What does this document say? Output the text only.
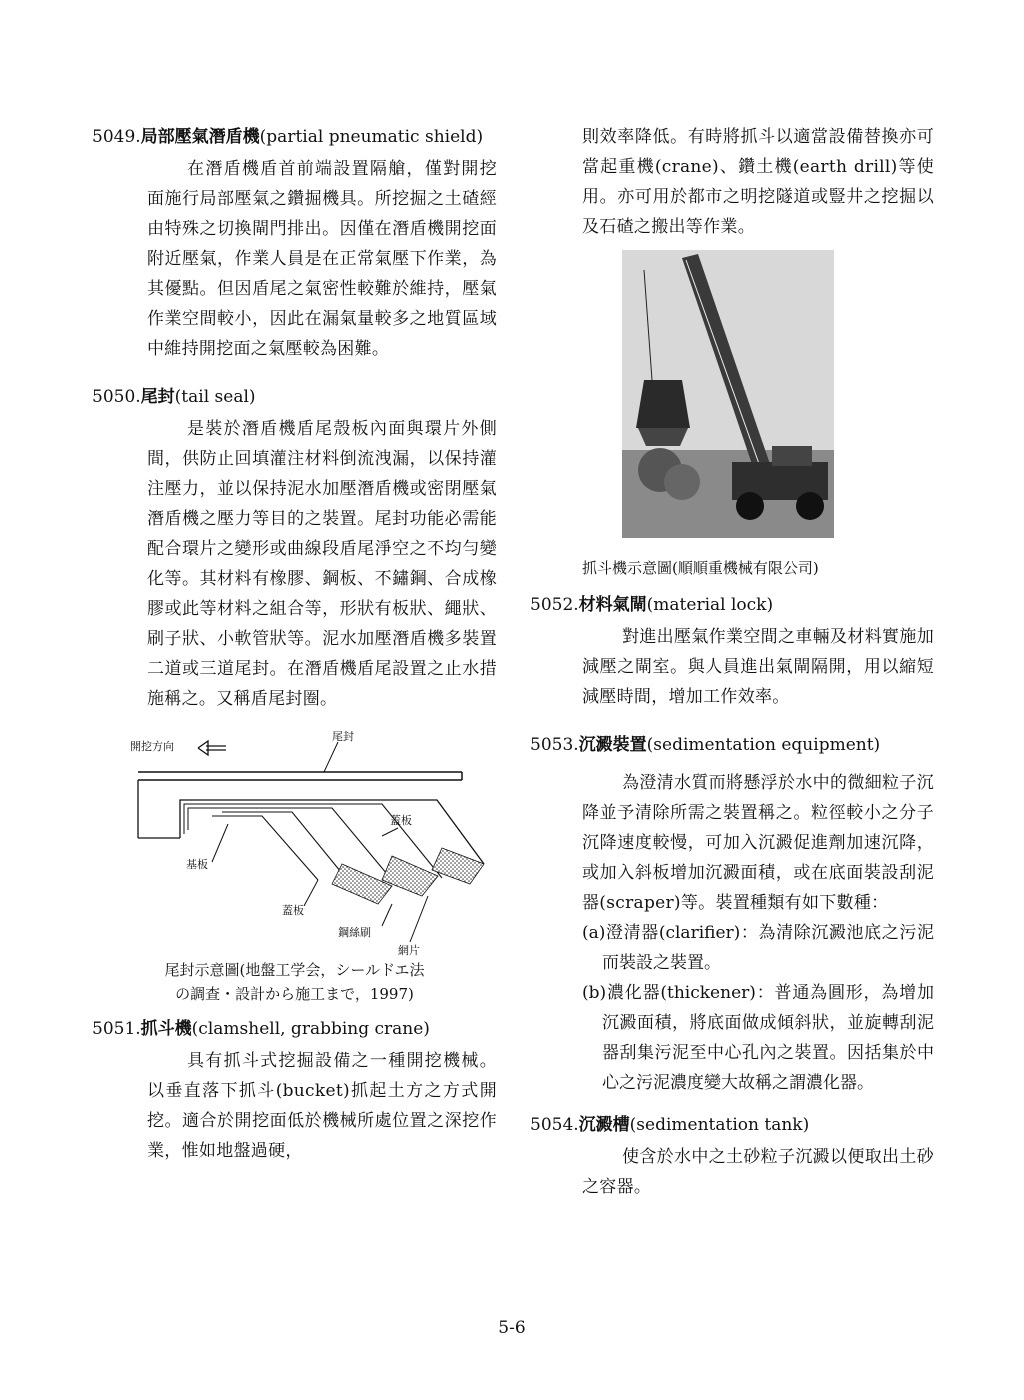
5049.局部壓氣潛盾機(partial pneumatic shield)

在潛盾機盾首前端設置隔艙，僅對開挖面施行局部壓氣之鑽掘機具。所挖掘之土碴經由特殊之切換閘門排出。因僅在潛盾機開挖面附近壓氣，作業人員是在正常氣壓下作業，為其優點。但因盾尾之氣密性較難於維持，壓氣作業空間較小，因此在漏氣量較多之地質區域中維持開挖面之氣壓較為困難。

5050.尾封(tail seal)

是裝於潛盾機盾尾殼板內面與環片外側間，供防止回填灌注材料倒流洩漏，以保持灌注壓力，並以保持泥水加壓潛盾機或密閉壓氣潛盾機之壓力等目的之裝置。尾封功能必需能配合環片之變形或曲線段盾尾淨空之不均勻變化等。其材料有橡膠、鋼板、不鏽鋼、合成橡膠或此等材料之組合等，形狀有板狀、繩狀、刷子狀、小軟管狀等。泥水加壓潛盾機多裝置二道或三道尾封。在潛盾機盾尾設置之止水措施稱之。又稱盾尾封圈。

開挖方向
尾封
蓋板
基板
蓋板
鋼絲刷
網片

尾封示意圖(地盤工学会，シールドエ法

の調查・設計から施工まで，1997)

5051.抓斗機(clamshell, grabbing crane)

具有抓斗式挖掘設備之一種開挖機械。以垂直落下抓斗(bucket)抓起土方之方式開挖。適合於開挖面低於機械所處位置之深挖作業，惟如地盤過硬，

則效率降低。有時將抓斗以適當設備替換亦可當起重機(crane)、鑽土機(earth drill)等使用。亦可用於都市之明挖隧道或豎井之挖掘以及石碴之搬出等作業。

抓斗機示意圖(順順重機械有限公司)

5052.材料氣閘(material lock)

對進出壓氣作業空間之車輛及材料實施加減壓之閘室。與人員進出氣閘隔開，用以縮短減壓時間，增加工作效率。

5053.沉澱裝置(sedimentation equipment)

為澄清水質而將懸浮於水中的微細粒子沉降並予清除所需之裝置稱之。粒徑較小之分子沉降速度較慢，可加入沉澱促進劑加速沉降，或加入斜板增加沉澱面積，或在底面裝設刮泥器(scraper)等。裝置種類有如下數種：

(a)澄清器(clarifier)：為清除沉澱池底之污泥而裝設之裝置。

(b)濃化器(thickener)：普通為圓形，為增加沉澱面積，將底面做成傾斜狀，並旋轉刮泥器刮集污泥至中心孔內之裝置。因括集於中心之污泥濃度變大故稱之謂濃化器。

5054.沉澱槽(sedimentation tank)

使含於水中之土砂粒子沉澱以便取出土砂之容器。

5-6
